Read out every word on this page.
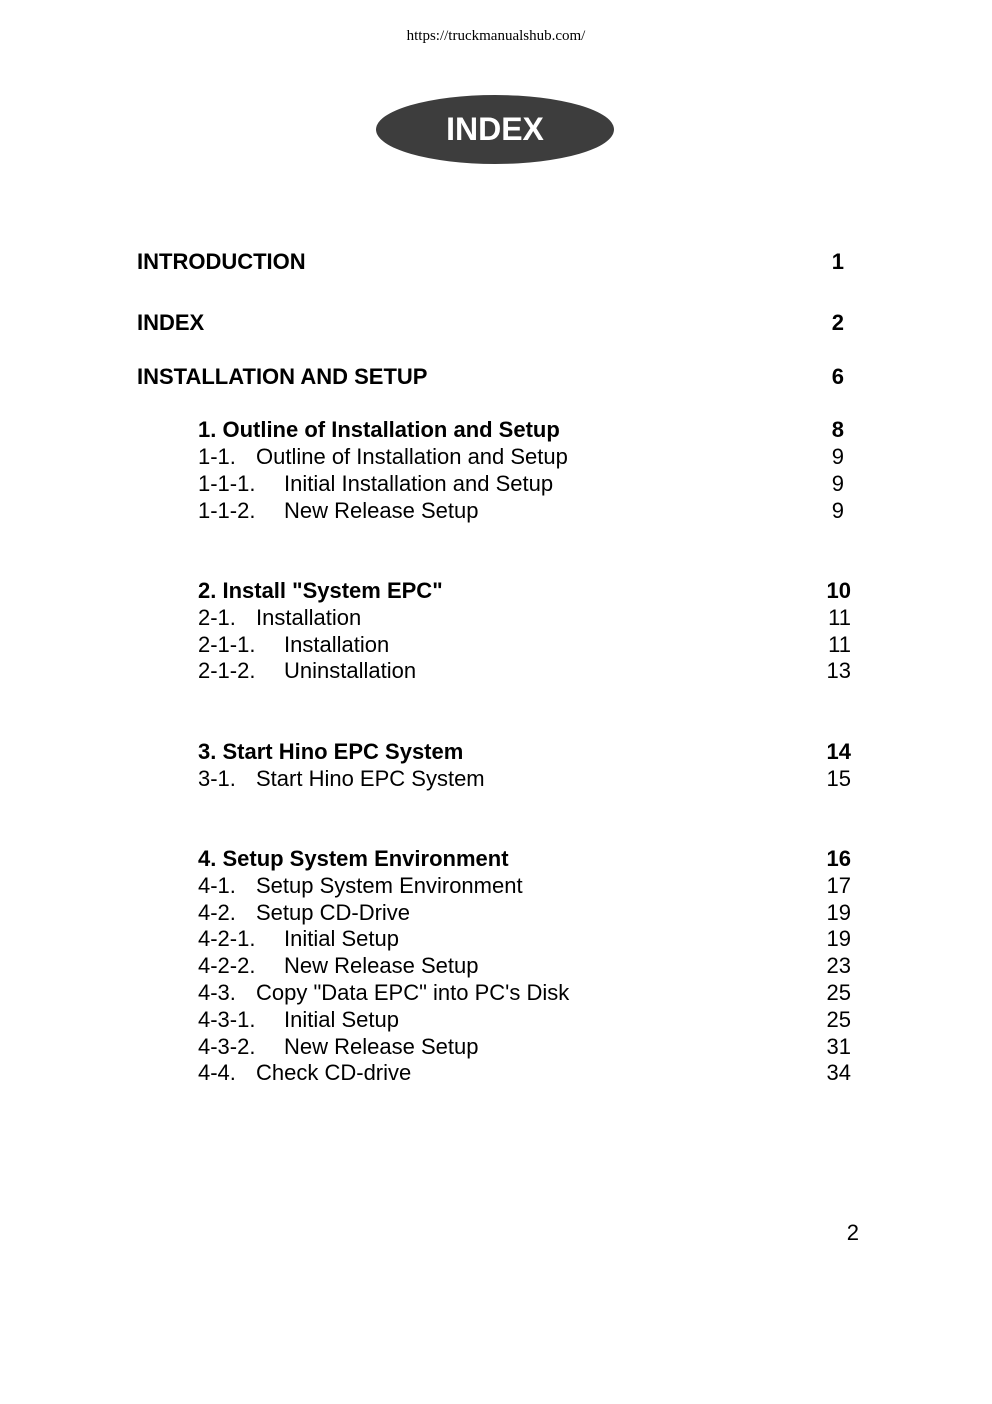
https://truckmanualshub.com/
INDEX
INTRODUCTION	1
INDEX	2
INSTALLATION AND SETUP	6
1. Outline of Installation and Setup	8
1-1. Outline of Installation and Setup	9
1-1-1. Initial Installation and Setup	9
1-1-2. New Release Setup	9
2. Install "System EPC"	10
2-1. Installation	11
2-1-1. Installation	11
2-1-2. Uninstallation	13
3. Start Hino EPC System	14
3-1. Start Hino EPC System	15
4. Setup System Environment	16
4-1. Setup System Environment	17
4-2. Setup CD-Drive	19
4-2-1. Initial Setup	19
4-2-2. New Release Setup	23
4-3. Copy "Data EPC" into PC's Disk	25
4-3-1. Initial Setup	25
4-3-2. New Release Setup	31
4-4. Check CD-drive	34
2
